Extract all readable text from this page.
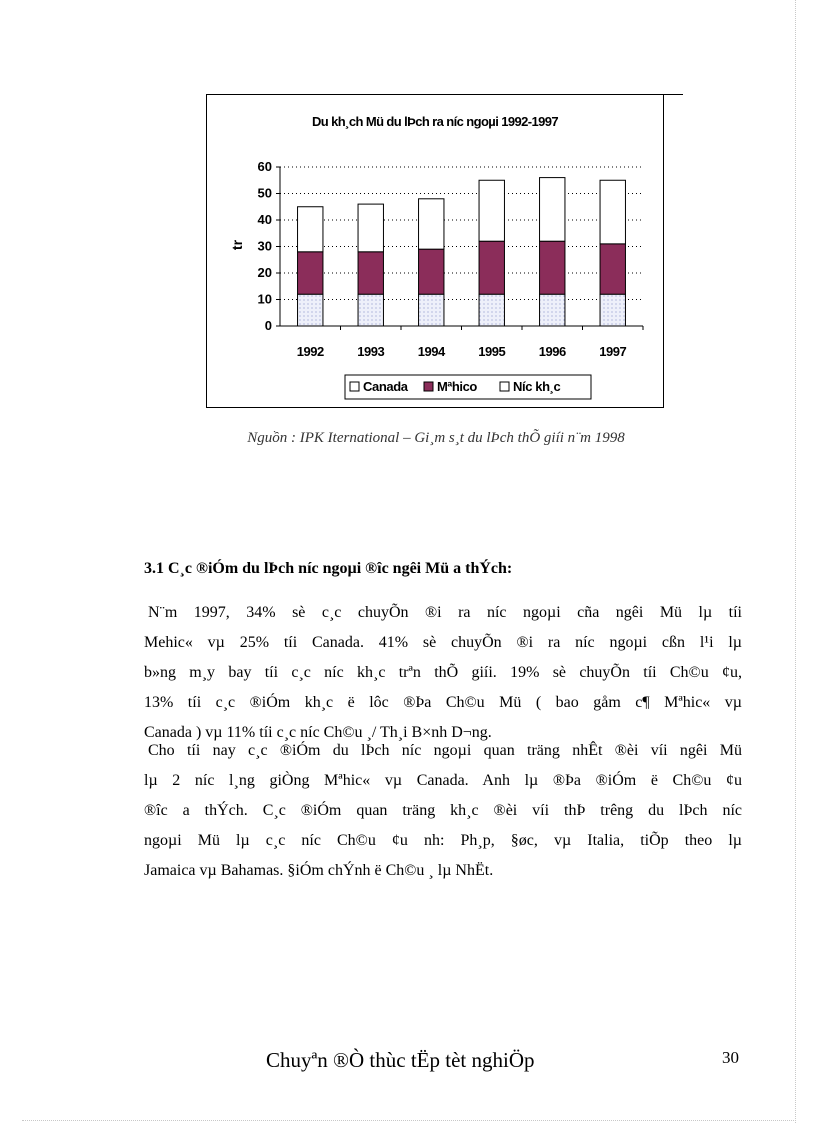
Du kh¸ch Mü du lÞch ra níc ngoµi 1992-1997
tr
0
10
20
30
40
50
60
1992	1993	1994	1995	1996	1997
Canada Mªhico	Níc kh¸c
Nguồn : IPK Iternational – Gi¸m s¸t du lÞch thÕ giíi n¨m 1998
3.1 C¸c ®iÓm du lÞch níc ngoµi ®îc ngêi Mü a thÝch:
N¨m 1997, 34% sè c¸c chuyÕn ®i ra níc ngoµi cña ngêi Mü lµ tíi
Mehic« vµ 25% tíi Canada. 41% sè chuyÕn ®i ra níc ngoµi cßn l¹i lµ
b»ng m¸y bay tíi c¸c níc kh¸c trªn thÕ giíi. 19% sè chuyÕn tíi Ch©u ¢u,
13% tíi c¸c ®iÓm kh¸c ë lôc ®Þa Ch©u Mü ( bao gåm c¶ Mªhic« vµ
Canada ) vµ 11% tíi c¸c níc Ch©u ¸/ Th¸i B×nh D¬ng.
Cho tíi nay c¸c ®iÓm du lÞch níc ngoµi quan träng nhÊt ®èi víi ngêi Mü
lµ 2 níc l¸ng giÒng Mªhic« vµ Canada. Anh lµ ®Þa ®iÓm ë Ch©u ¢u
®îc a thÝch. C¸c ®iÓm quan träng kh¸c ®èi víi thÞ trêng du lÞch níc
ngoµi Mü lµ c¸c níc Ch©u ¢u nh: Ph¸p, §øc, vµ Italia, tiÕp theo lµ
Jamaica vµ Bahamas. §iÓm chÝnh ë Ch©u ¸ lµ NhËt.
Chuyªn ®Ò thùc tËp tèt nghiÖp	30
